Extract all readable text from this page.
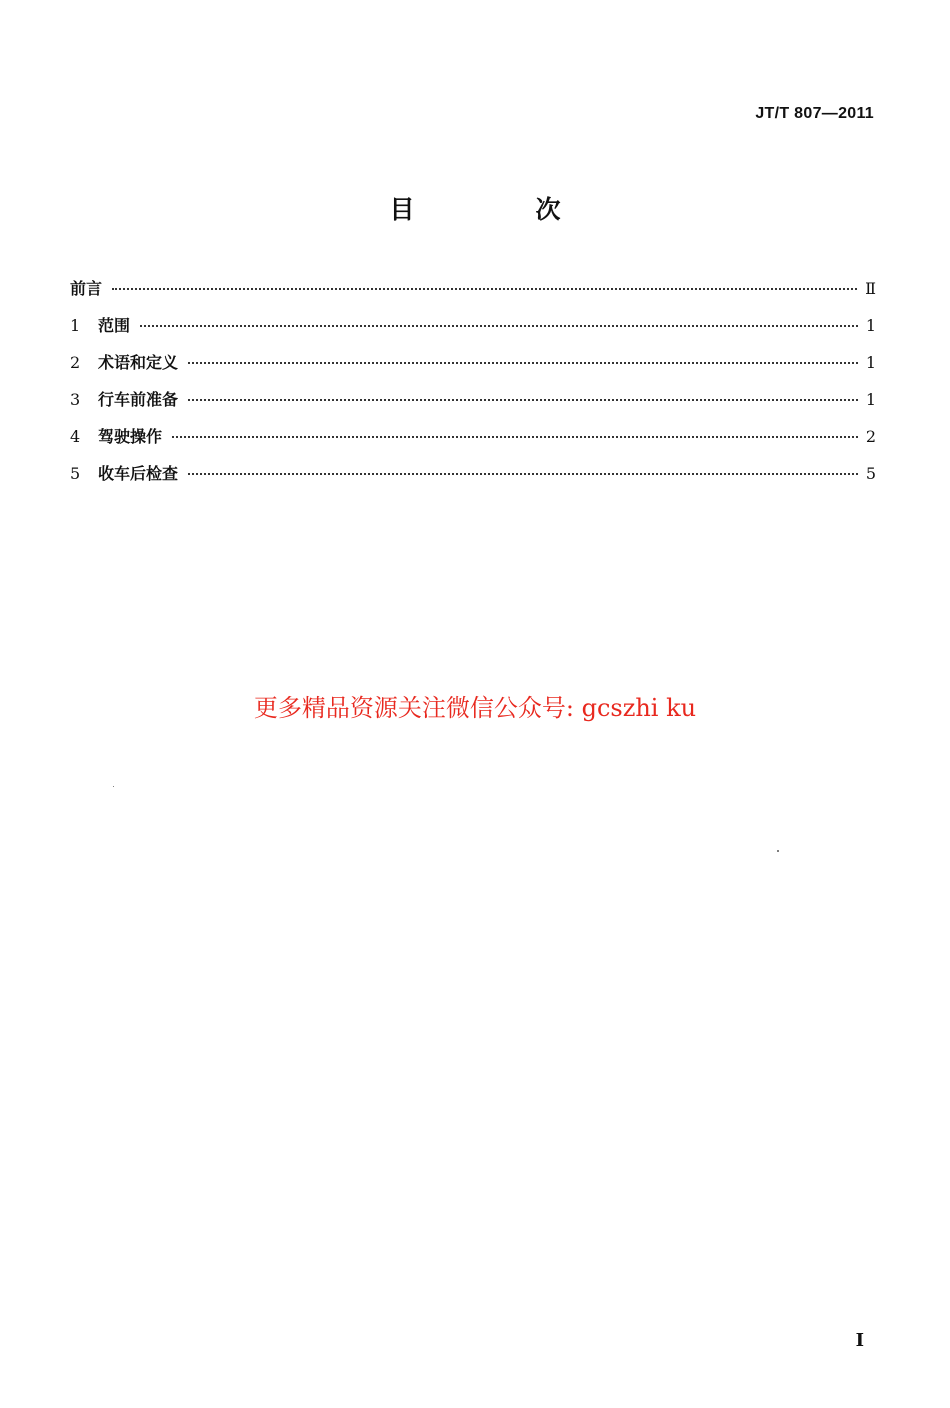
JT/T 807—2011
目　次
前言	Ⅱ
1	范围	1
2	术语和定义	1
3	行车前准备	1
4	驾驶操作	2
5	收车后检查	5
更多精品资源关注微信公众号: gcszhi ku
I
